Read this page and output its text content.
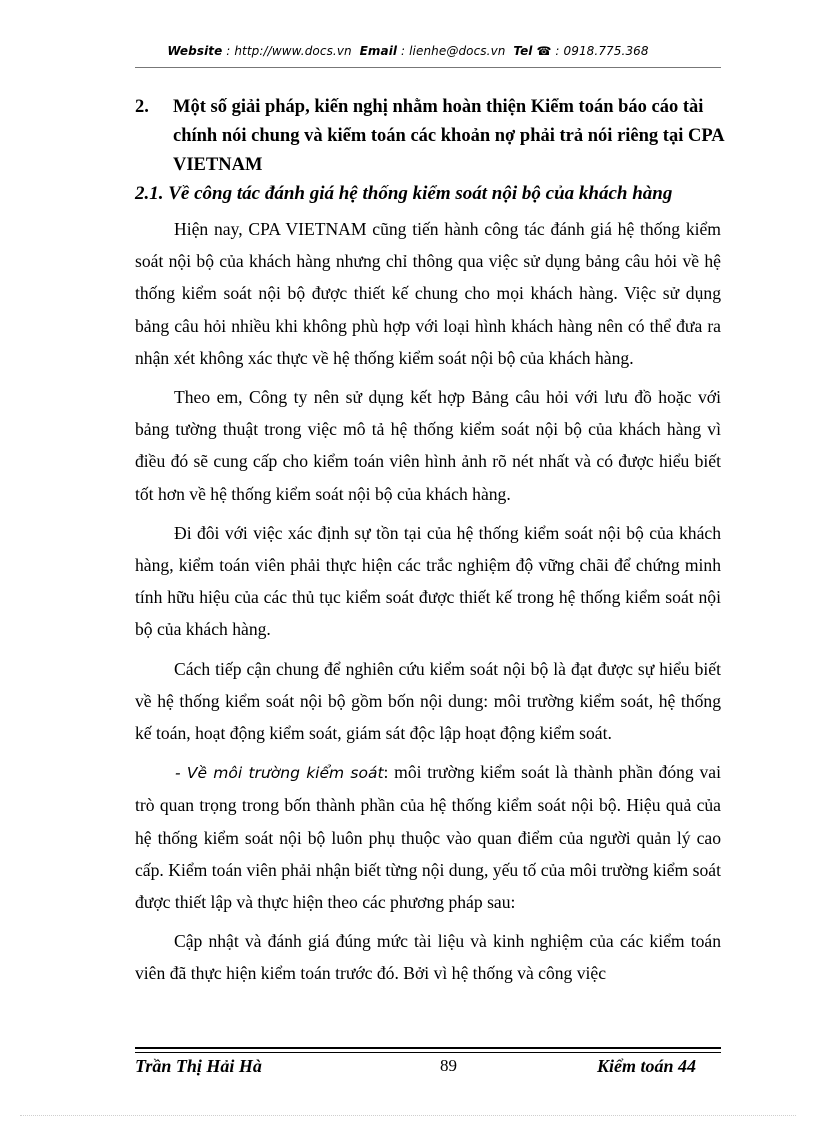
Website : http://www.docs.vn Email : lienhe@docs.vn Tel ☎ : 0918.775.368
2. Một số giải pháp, kiến nghị nhằm hoàn thiện Kiểm toán báo cáo tài chính nói chung và kiểm toán các khoản nợ phải trả nói riêng tại CPA VIETNAM
2.1. Về công tác đánh giá hệ thống kiểm soát nội bộ của khách hàng

Hiện nay, CPA VIETNAM cũng tiến hành công tác đánh giá hệ thống kiểm soát nội bộ của khách hàng nhưng chỉ thông qua việc sử dụng bảng câu hỏi về hệ thống kiểm soát nội bộ được thiết kế chung cho mọi khách hàng. Việc sử dụng bảng câu hỏi nhiều khi không phù hợp với loại hình khách hàng nên có thể đưa ra nhận xét không xác thực về hệ thống kiểm soát nội bộ của khách hàng.

Theo em, Công ty nên sử dụng kết hợp Bảng câu hỏi với lưu đồ hoặc với bảng tường thuật trong việc mô tả hệ thống kiểm soát nội bộ của khách hàng vì điều đó sẽ cung cấp cho kiểm toán viên hình ảnh rõ nét nhất và có được hiểu biết tốt hơn về hệ thống kiểm soát nội bộ của khách hàng.

Đi đôi với việc xác định sự tồn tại của hệ thống kiểm soát nội bộ của khách hàng, kiểm toán viên phải thực hiện các trắc nghiệm độ vững chãi để chứng minh tính hữu hiệu của các thủ tục kiểm soát được thiết kế trong hệ thống kiểm soát nội bộ của khách hàng.

Cách tiếp cận chung để nghiên cứu kiểm soát nội bộ là đạt được sự hiểu biết về hệ thống kiểm soát nội bộ gồm bốn nội dung: môi trường kiểm soát, hệ thống kế toán, hoạt động kiểm soát, giám sát độc lập hoạt động kiểm soát.

- Về môi trường kiểm soát: môi trường kiểm soát là thành phần đóng vai trò quan trọng trong bốn thành phần của hệ thống kiểm soát nội bộ. Hiệu quả của hệ thống kiểm soát nội bộ luôn phụ thuộc vào quan điểm của người quản lý cao cấp. Kiểm toán viên phải nhận biết từng nội dung, yếu tố của môi trường kiểm soát được thiết lập và thực hiện theo các phương pháp sau:

Cập nhật và đánh giá đúng mức tài liệu và kinh nghiệm của các kiểm toán viên đã thực hiện kiểm toán trước đó. Bởi vì hệ thống và công việc

Trần Thị Hải Hà	89	Kiểm toán 44
